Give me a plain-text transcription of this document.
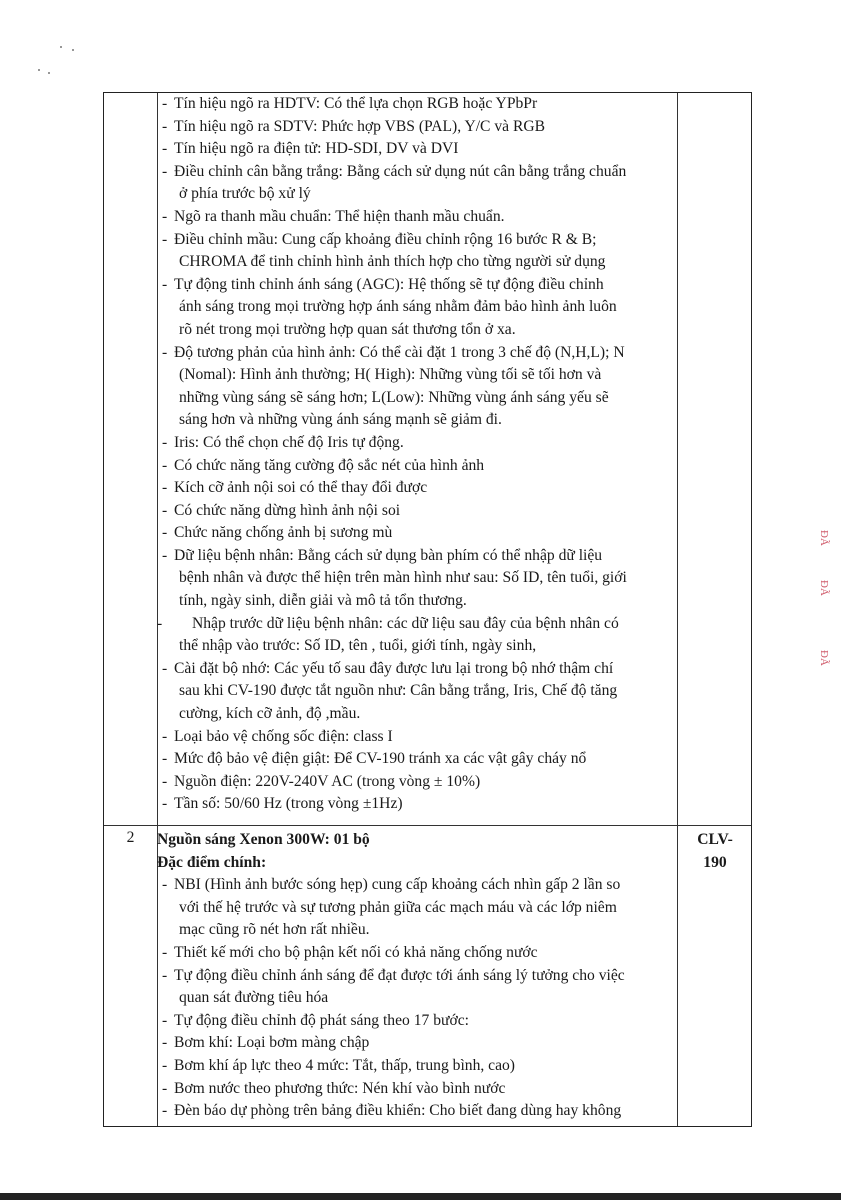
- Tín hiệu ngõ ra HDTV: Có thể lựa chọn RGB hoặc YPbPr
- Tín hiệu ngõ ra SDTV: Phức hợp VBS (PAL), Y/C và RGB
- Tín hiệu ngõ ra điện tử: HD-SDI, DV và DVI
- Điều chỉnh cân bằng trắng: Bằng cách sử dụng nút cân bằng trắng chuẩn
ở phía trước bộ xử lý
- Ngõ ra thanh mầu chuẩn: Thể hiện thanh mầu chuẩn.
- Điều chỉnh mầu: Cung cấp khoảng điều chỉnh rộng 16 bước R & B;
CHROMA để tinh chỉnh hình ảnh thích hợp cho từng người sử dụng
- Tự động tinh chỉnh ánh sáng (AGC): Hệ thống sẽ tự động điều chỉnh
ánh sáng trong mọi trường hợp ánh sáng nhằm đảm bảo hình ảnh luôn
rõ nét trong mọi trường hợp quan sát thương tổn ở xa.
- Độ tương phản của hình ảnh: Có thể cài đặt 1 trong 3 chế độ (N,H,L); N
(Nomal): Hình ảnh thường; H( High): Những vùng tối sẽ tối hơn và
những vùng sáng sẽ sáng hơn; L(Low): Những vùng ánh sáng yếu sẽ
sáng hơn và những vùng ánh sáng mạnh sẽ giảm đi.
- Iris: Có thể chọn chế độ Iris tự động.
- Có chức năng tăng cường độ sắc nét của hình ảnh
- Kích cỡ ảnh nội soi có thể thay đổi được
- Có chức năng dừng hình ảnh nội soi
- Chức năng chống ảnh bị sương mù
- Dữ liệu bệnh nhân: Bằng cách sử dụng bàn phím có thể nhập dữ liệu
bệnh nhân và được thể hiện trên màn hình như sau: Số ID, tên tuổi, giới
tính, ngày sinh, diễn giải và mô tả tổn thương.
- Nhập trước dữ liệu bệnh nhân: các dữ liệu sau đây của bệnh nhân có
thể nhập vào trước: Số ID, tên , tuổi, giới tính, ngày sinh,
- Cài đặt bộ nhớ: Các yếu tố sau đây được lưu lại trong bộ nhớ thậm chí
sau khi CV-190 được tắt nguồn như: Cân bằng trắng, Iris, Chế độ tăng
cường, kích cỡ ảnh, độ ,mầu.
- Loại bảo vệ chống sốc điện: class I
- Mức độ bảo vệ điện giật: Để CV-190 tránh xa các vật gây cháy nổ
- Nguồn điện: 220V-240V AC (trong vòng ± 10%)
- Tần số: 50/60 Hz (trong vòng ±1Hz)
2	Nguồn sáng Xenon 300W: 01 bộ
Đặc điểm chính:
- NBI (Hình ảnh bước sóng hẹp) cung cấp khoảng cách nhìn gấp 2 lần so
với thế hệ trước và sự tương phản giữa các mạch máu và các lớp niêm
mạc cũng rõ nét hơn rất nhiều.
- Thiết kế mới cho bộ phận kết nối có khả năng chống nước
- Tự động điều chỉnh ánh sáng để đạt được tới ánh sáng lý tưởng cho việc
quan sát đường tiêu hóa
- Tự động điều chỉnh độ phát sáng theo 17 bước:
- Bơm khí: Loại bơm màng chập
- Bơm khí áp lực theo 4 mức: Tắt, thấp, trung bình, cao)
- Bơm nước theo phương thức: Nén khí vào bình nước
- Đèn báo dự phòng trên bảng điều khiển: Cho biết đang dùng hay không
CLV-
190
ĐÃ
ĐÃ
ĐÃ
